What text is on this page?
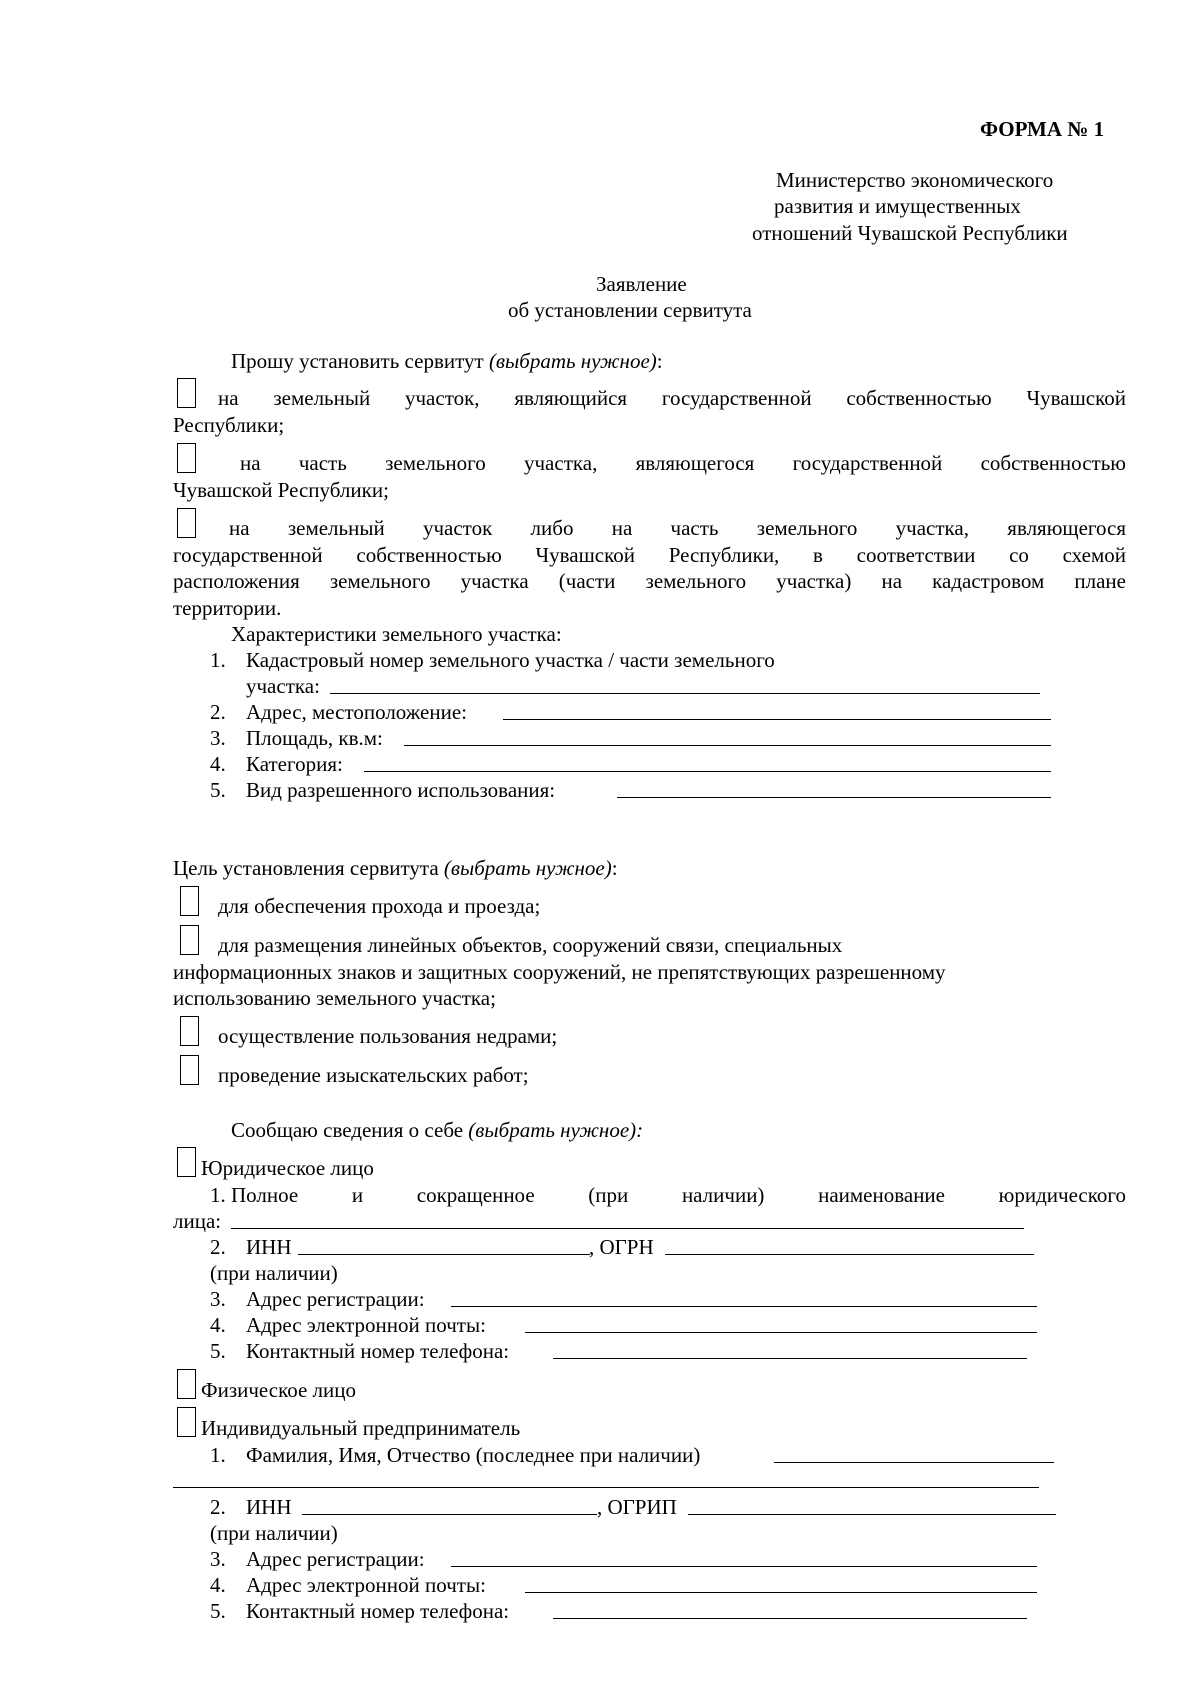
ФОРМА № 1
Министерство экономического
развития и имущественных
отношений Чувашской Республики
Заявление
об установлении сервитута
Прошу установить сервитут (выбрать нужное):
на земельный участок, являющийся государственной собственностью Чувашской
Республики;
на часть земельного участка, являющегося государственной собственностью
Чувашской Республики;
на земельный участок либо на часть земельного участка, являющегося
государственной собственностью Чувашской Республики, в соответствии со схемой
расположения земельного участка (части земельного участка) на кадастровом плане
территории.
Характеристики земельного участка:
1. Кадастровый номер земельного участка / части земельного
участка:
2. Адрес, местоположение:
3. Площадь, кв.м:
4. Категория:
5. Вид разрешенного использования:
Цель установления сервитута (выбрать нужное):
для обеспечения прохода и проезда;
для размещения линейных объектов, сооружений связи, специальных
информационных знаков и защитных сооружений, не препятствующих разрешенному
использованию земельного участка;
осуществление пользования недрами;
проведение изыскательских работ;
Сообщаю сведения о себе (выбрать нужное):
Юридическое лицо
1. Полное	и	сокращенное	(при	наличии)	наименование	юридического
лица:
2. ИНН	, ОГРН
(при наличии)
3. Адрес регистрации:
4. Адрес электронной почты:
5. Контактный номер телефона:
Физическое лицо
Индивидуальный предприниматель
1. Фамилия, Имя, Отчество (последнее при наличии)
2. ИНН	, ОГРИП
(при наличии)
3. Адрес регистрации:
4. Адрес электронной почты:
5. Контактный номер телефона:
